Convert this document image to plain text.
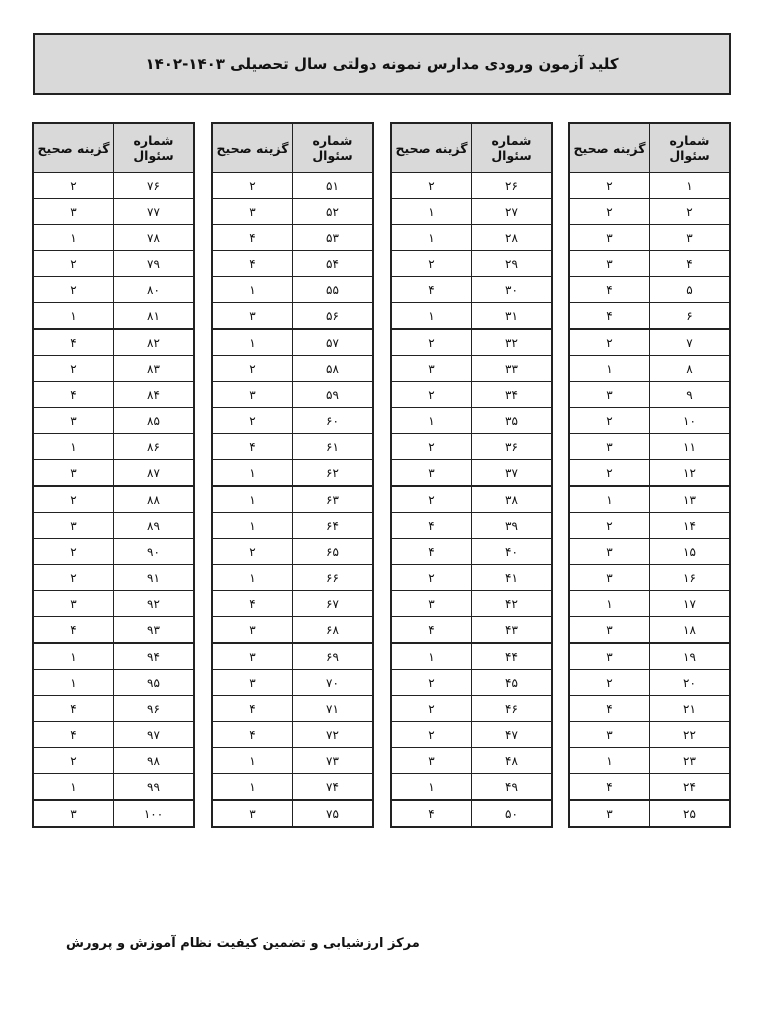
کلید آزمون ورودی مدارس نمونه دولتی سال تحصیلی ۱۴۰۳-۱۴۰۲
شماره سئوال	گزینه صحیح
۱	۲
۲	۲
۳	۳
۴	۳
۵	۴
۶	۴
۷	۲
۸	۱
۹	۳
۱۰	۲
۱۱	۳
۱۲	۲
۱۳	۱
۱۴	۲
۱۵	۳
۱۶	۳
۱۷	۱
۱۸	۳
۱۹	۳
۲۰	۲
۲۱	۴
۲۲	۳
۲۳	۱
۲۴	۴
۲۵	۳
شماره سئوال	گزینه صحیح
۲۶	۲
۲۷	۱
۲۸	۱
۲۹	۲
۳۰	۴
۳۱	۱
۳۲	۲
۳۳	۳
۳۴	۲
۳۵	۱
۳۶	۲
۳۷	۳
۳۸	۲
۳۹	۴
۴۰	۴
۴۱	۲
۴۲	۳
۴۳	۴
۴۴	۱
۴۵	۲
۴۶	۲
۴۷	۲
۴۸	۳
۴۹	۱
۵۰	۴
شماره سئوال	گزینه صحیح
۵۱	۲
۵۲	۳
۵۳	۴
۵۴	۴
۵۵	۱
۵۶	۳
۵۷	۱
۵۸	۲
۵۹	۳
۶۰	۲
۶۱	۴
۶۲	۱
۶۳	۱
۶۴	۱
۶۵	۲
۶۶	۱
۶۷	۴
۶۸	۳
۶۹	۳
۷۰	۳
۷۱	۴
۷۲	۴
۷۳	۱
۷۴	۱
۷۵	۳
شماره سئوال	گزینه صحیح
۷۶	۲
۷۷	۳
۷۸	۱
۷۹	۲
۸۰	۲
۸۱	۱
۸۲	۴
۸۳	۲
۸۴	۴
۸۵	۳
۸۶	۱
۸۷	۳
۸۸	۲
۸۹	۳
۹۰	۲
۹۱	۲
۹۲	۳
۹۳	۴
۹۴	۱
۹۵	۱
۹۶	۴
۹۷	۴
۹۸	۲
۹۹	۱
۱۰۰	۳
مرکز ارزشیابی و تضمین کیفیت نظام آموزش و پرورش
